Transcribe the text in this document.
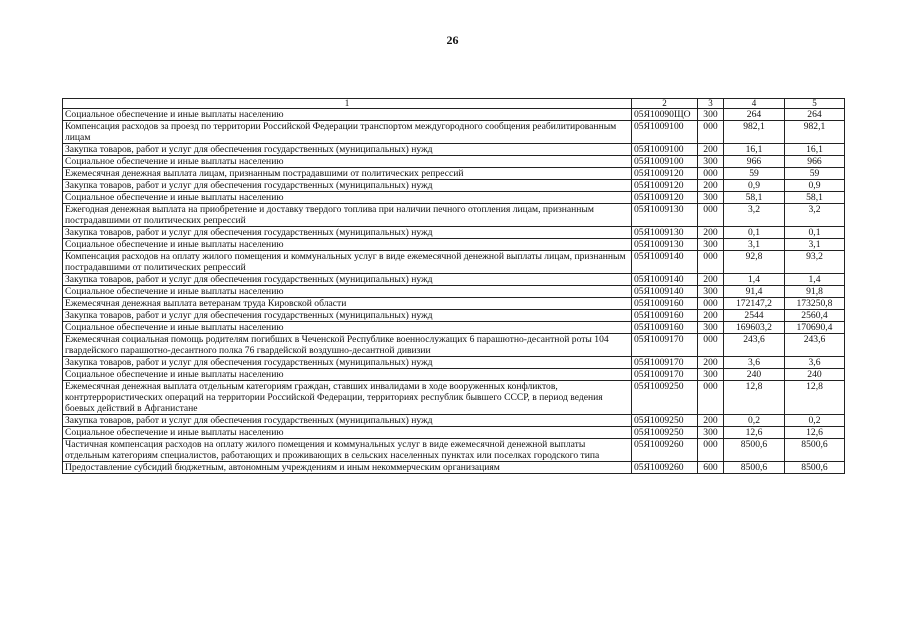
26
1	2	3	4	5
Социальное обеспечение и иные выплаты населению	05Я10090ЩО	300	264	264
Компенсация расходов за проезд по территории Российской Федерации транспортом междугородного сообщения реабилитированным лицам	05Я1009100	000	982,1	982,1
Закупка товаров, работ и услуг для обеспечения государственных (муниципальных) нужд	05Я1009100	200	16,1	16,1
Социальное обеспечение и иные выплаты населению	05Я1009100	300	966	966
Ежемесячная денежная выплата лицам, признанным пострадавшими от политических репрессий	05Я1009120	000	59	59
Закупка товаров, работ и услуг для обеспечения государственных (муниципальных) нужд	05Я1009120	200	0,9	0,9
Социальное обеспечение и иные выплаты населению	05Я1009120	300	58,1	58,1
Ежегодная денежная выплата на приобретение и доставку твердого топлива при наличии печного отопления лицам, признанным пострадавшими от политических репрессий	05Я1009130	000	3,2	3,2
Закупка товаров, работ и услуг для обеспечения государственных (муниципальных) нужд	05Я1009130	200	0,1	0,1
Социальное обеспечение и иные выплаты населению	05Я1009130	300	3,1	3,1
Компенсация расходов на оплату жилого помещения и коммунальных услуг в виде ежемесячной денежной выплаты лицам, признанным пострадавшими от политических репрессий	05Я1009140	000	92,8	93,2
Закупка товаров, работ и услуг для обеспечения государственных (муниципальных) нужд	05Я1009140	200	1,4	1,4
Социальное обеспечение и иные выплаты населению	05Я1009140	300	91,4	91,8
Ежемесячная денежная выплата ветеранам труда Кировской области	05Я1009160	000	172147,2	173250,8
Закупка товаров, работ и услуг для обеспечения государственных (муниципальных) нужд	05Я1009160	200	2544	2560,4
Социальное обеспечение и иные выплаты населению	05Я1009160	300	169603,2	170690,4
Ежемесячная социальная помощь родителям погибших в Чеченской Республике военнослужащих 6 парашютно-десантной роты 104 гвардейского парашютно-десантного полка 76 гвардейской воздушно-десантной дивизии	05Я1009170	000	243,6	243,6
Закупка товаров, работ и услуг для обеспечения государственных (муниципальных) нужд	05Я1009170	200	3,6	3,6
Социальное обеспечение и иные выплаты населению	05Я1009170	300	240	240
Ежемесячная денежная выплата отдельным категориям граждан, ставших инвалидами в ходе вооруженных конфликтов, контртеррористических операций на территории Российской Федерации, территориях республик бывшего СССР, в период ведения боевых действий в Афганистане	05Я1009250	000	12,8	12,8
Закупка товаров, работ и услуг для обеспечения государственных (муниципальных) нужд	05Я1009250	200	0,2	0,2
Социальное обеспечение и иные выплаты населению	05Я1009250	300	12,6	12,6
Частичная компенсация расходов на оплату жилого помещения и коммунальных услуг в виде ежемесячной денежной выплаты отдельным категориям специалистов, работающих и проживающих в сельских населенных пунктах или поселках городского типа	05Я1009260	000	8500,6	8500,6
Предоставление субсидий бюджетным, автономным учреждениям и иным некоммерческим организациям	05Я1009260	600	8500,6	8500,6
